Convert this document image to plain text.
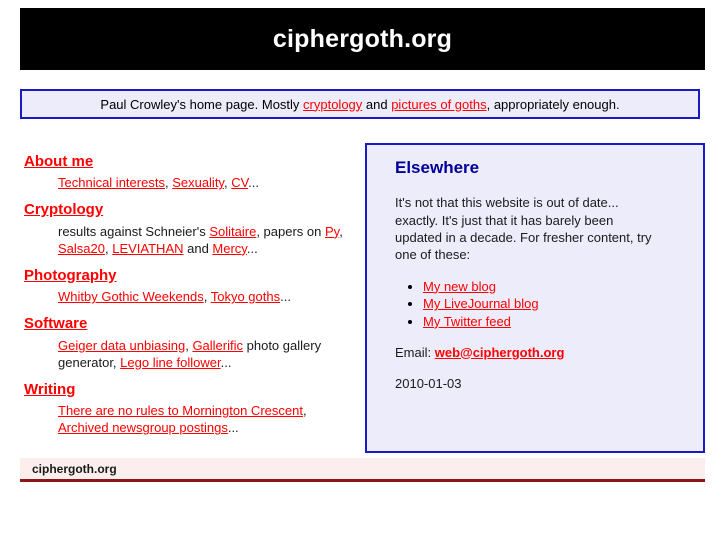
ciphergoth.org
Paul Crowley's home page. Mostly cryptology and pictures of goths, appropriately enough.
About me
Technical interests, Sexuality, CV...
Cryptology
results against Schneier's Solitaire, papers on Py, Salsa20, LEVIATHAN and Mercy...
Photography
Whitby Gothic Weekends, Tokyo goths...
Software
Geiger data unbiasing, Gallerific photo gallery generator, Lego line follower...
Writing
There are no rules to Mornington Crescent, Archived newsgroup postings...
Elsewhere

It's not that this website is out of date... exactly. It's just that it has barely been updated in a decade. For fresher content, try one of these:

• My new blog
• My LiveJournal blog
• My Twitter feed

Email: web@ciphergoth.org

2010-01-03

ciphergoth.org
